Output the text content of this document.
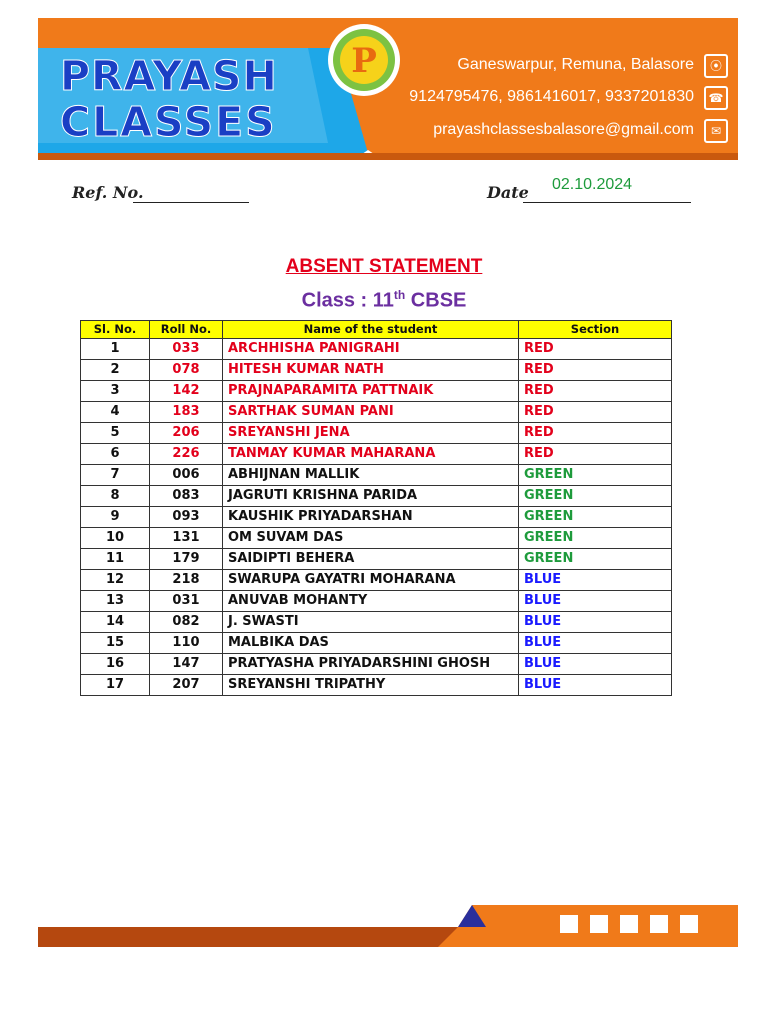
PRAYASH
CLASSES
P	Ganeswarpur, Remuna, Balasore
9124795476, 9861416017, 9337201830
prayashclassesbalasore@gmail.com
⦿
☎
✉
Ref. No.	Date 02.10.2024
ABSENT STATEMENT
Class : 11th CBSE
Sl. No.	Roll No.	Name of the student	Section
1	033	ARCHHISHA PANIGRAHI	RED
2	078	HITESH KUMAR NATH	RED
3	142	PRAJNAPARAMITA PATTNAIK	RED
4	183	SARTHAK SUMAN PANI	RED
5	206	SREYANSHI JENA	RED
6	226	TANMAY KUMAR MAHARANA	RED
7	006	ABHIJNAN MALLIK	GREEN
8	083	JAGRUTI KRISHNA PARIDA	GREEN
9	093	KAUSHIK PRIYADARSHAN	GREEN
10	131	OM SUVAM DAS	GREEN
11	179	SAIDIPTI BEHERA	GREEN
12	218	SWARUPA GAYATRI MOHARANA	BLUE
13	031	ANUVAB MOHANTY	BLUE
14	082	J. SWASTI	BLUE
15	110	MALBIKA DAS	BLUE
16	147	PRATYASHA PRIYADARSHINI GHOSH	BLUE
17	207	SREYANSHI TRIPATHY	BLUE
